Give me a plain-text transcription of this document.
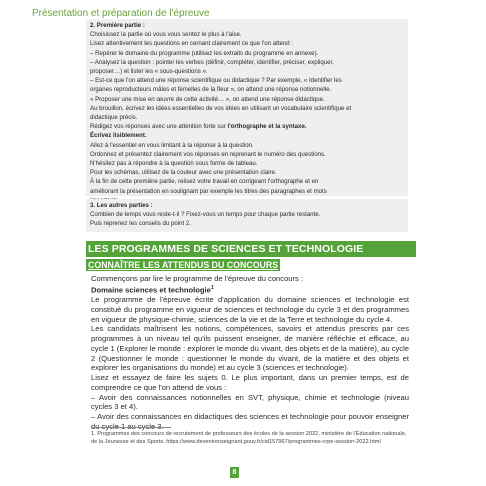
Présentation et préparation de l'épreuve

2. Première partie :

Choisissez la partie où vous vous sentez le plus à l'aise.

Lisez attentivement les questions en cernant clairement ce que l'on attend :

– Repérer le domaine du programme (utilisez les extraits du programme en annexe).

– Analysez la question : pointer les verbes (définir, compléter, identifier, préciser, expliquer,

proposer…) et lister les « sous-questions ».

– Est-ce que l'on attend une réponse scientifique ou didactique ? Par exemple, « Identifier les

organes reproducteurs mâles et femelles de la fleur », on attend une réponse notionnelle.

« Proposer une mise en œuvre de cette activité… », on attend une réponse didactique.

Au brouillon, écrivez les idées essentielles de vos idées en utilisant un vocabulaire scientifique et

didactique précis.

Rédigez vos réponses avec une attention forte sur l'orthographe et la syntaxe.

Écrivez lisiblement.

Allez à l'essentiel en vous limitant à la réponse à la question.

Ordonnez et présentez clairement vos réponses en reprenant le numéro des questions.

N'hésitez pas à répondre à la question sous forme de tableau.

Pour les schémas, utilisez de la couleur avec une présentation claire.

À la fin de cette première partie, relisez votre travail en corrigeant l'orthographe et en

améliorant la présentation en soulignant par exemple les titres des paragraphes et mots

3. Les autres parties :

Combien de temps vous reste-t-il ? Fixez-vous un temps pour chaque partie restante.

Puis reprenez les conseils du point 2.

LES PROGRAMMES DE SCIENCES ET TECHNOLOGIE
CONNAÎTRE LES ATTENDUS DU CONCOURS

Commençons par lire le programme de l'épreuve du concours :

Domaine sciences et technologie$^1$

Le programme de l'épreuve écrite d'application du domaine sciences et technologie est constitué du programme en vigueur de sciences et technologie du cycle 3 et des programmes en vigueur de physique-chimie, sciences de la vie et de la Terre et technologie du cycle 4.

Les candidats maîtrisent les notions, compétences, savoirs et attendus prescrits par ces programmes à un niveau tel qu'ils puissent enseigner, de manière réfléchie et efficace, au cycle 1 (Explorer le monde : explorer le monde du vivant, des objets et de la matière), au cycle 2 (Questionner le monde : questionner le monde du vivant, de la matière et des objets et explorer les organisations du monde) et au cycle 3 (sciences et technologie).

Lisez et essayez de faire les sujets 0. Le plus important, dans un premier temps, est de comprendre ce que l'on attend de vous :

– Avoir des connaissances notionnelles en SVT, physique, chimie et technologie (niveau cycles 3 et 4).

– Avoir des connaissances en didactiques des sciences et technologie pour pouvoir enseigner du cycle 1 au cycle 3.

1. Programmes des concours de recrutement de professeurs des écoles de la session 2022, ministère de l'Éducation nationale, de la Jeunesse et des Sports. https://www.devenirenseignant.gouv.fr/cid157967/programmes-crpe-session-2022.html
8
